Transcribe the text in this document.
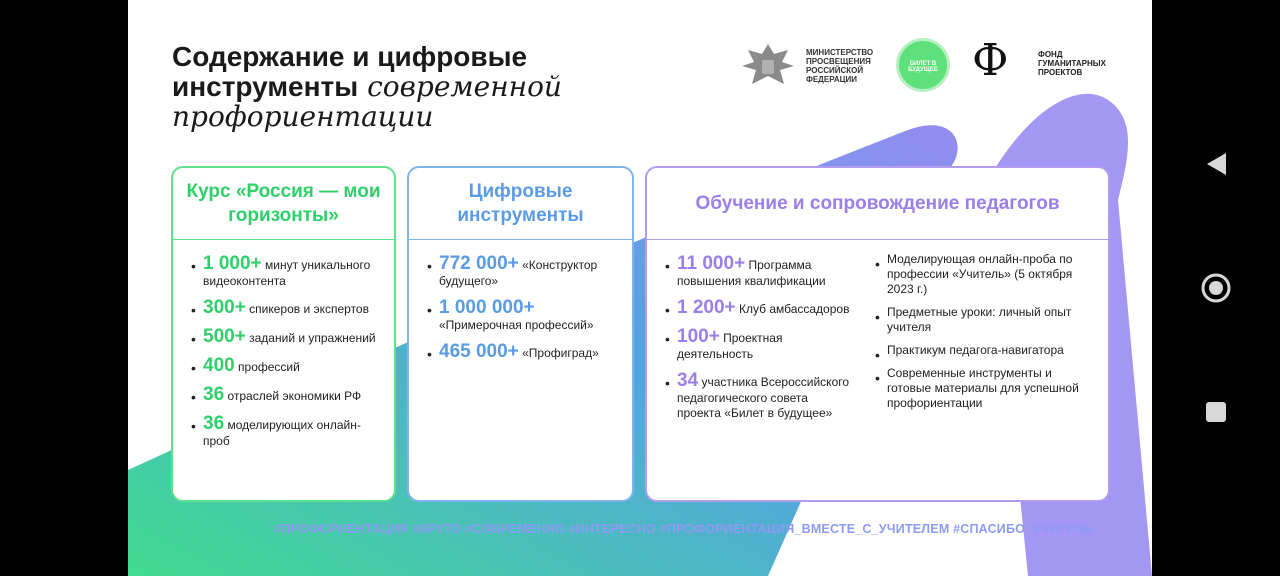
Содержание и цифровые
инструменты современной
профориентации
МИНИСТЕРСТВО ПРОСВЕЩЕНИЯ РОССИЙСКОЙ ФЕДЕРАЦИИ
БИЛЕТ В БУДУЩЕЕ Ф	ФОНД ГУМАНИТАРНЫХ ПРОЕКТОВ
Курс «Россия — мои горизонты»
• 1 000+ минут уникального видеоконтента
• 300+ спикеров и экспертов
• 500+ заданий и упражнений
• 400 профессий
• 36 отраслей экономики РФ
• 36 моделирующих онлайн-проб
Цифровые инструменты
• 772 000+ «Конструктор будущего»
• 1 000 000+ «Примерочная профессий»
• 465 000+ «Профиград»
Обучение и сопровождение педагогов
• 11 000+ Программа повышения квалификации
• 1 200+ Клуб амбассадоров
• 100+ Проектная деятельность
• 34 участника Всероссийского педагогического совета проекта «Билет в будущее»
• Моделирующая онлайн-проба по профессии «Учитель» (5 октября 2023 г.)
• Предметные уроки: личный опыт учителя
• Практикум педагога-навигатора
• Современные инструменты и готовые материалы для успешной профориентации
#ПРОФОРИЕНТАЦИЯ #КРУТО #СОВРЕМЕННО #ИНТЕРЕСНО #ПРОФОРИЕНТАЦИЯ_ВМЕСТЕ_С_УЧИТЕЛЕМ #СПАСИБО_УЧИТЕЛЬ
